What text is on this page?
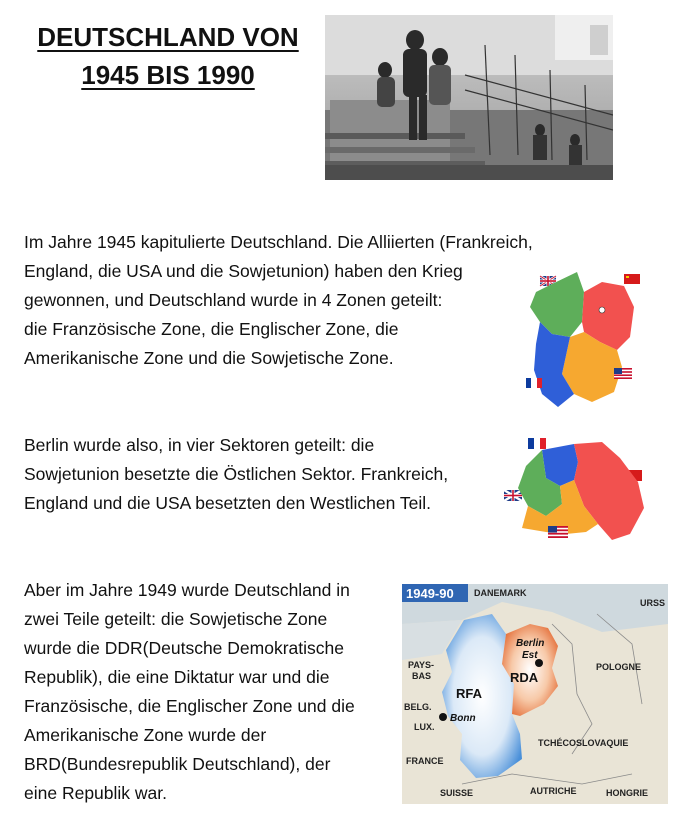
DEUTSCHLAND VON
1945 BIS 1990
Im Jahre 1945 kapitulierte Deutschland. Die Alliierten (Frankreich,
England, die USA und die Sowjetunion) haben den Krieg
gewonnen, und Deutschland wurde in 4 Zonen geteilt:
die Französische Zone, die Englischer Zone, die
Amerikanische Zone und die Sowjetische Zone.
Berlin wurde also, in vier Sektoren geteilt: die
Sowjetunion besetzte die Östlichen Sektor. Frankreich,
England und die USA besetzten den Westlichen Teil.
Aber im Jahre 1949 wurde Deutschland in
zwei Teile geteilt: die Sowjetische Zone
wurde die DDR(Deutsche Demokratische
Republik), die eine Diktatur war und die
Französische, die Englischer Zone und die
Amerikanische Zone wurde der
BRD(Bundesrepublik Deutschland), der
eine Republik war.
1949-90 DANEMARK
URSS
Berlin
Est
RDA
RFA
Bonn
POLOGNE
PAYS-
BAS
BELG.
LUX.
TCHÉCOSLOVAQUIE
FRANCE
SUISSE	AUTRICHE	HONGRIE
